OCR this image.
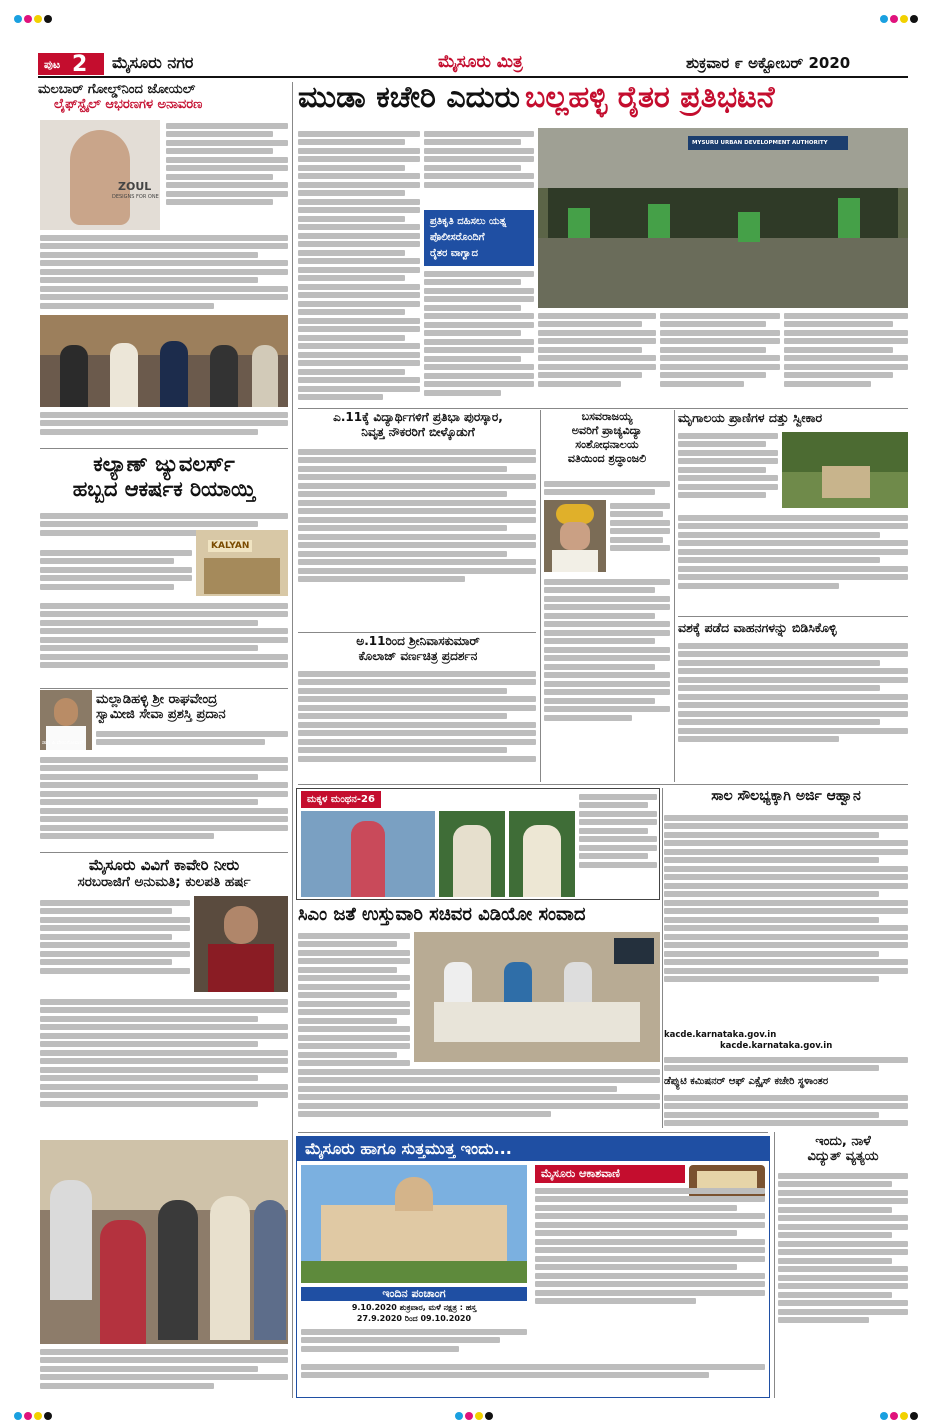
ಪುಟ 2 ಮೈಸೂರು ನಗರ	ಮೈಸೂರು ಮಿತ್ರ	ಶುಕ್ರವಾರ ೯ ಅಕ್ಟೋಬರ್ 2020
ಮಲಬಾರ್ ಗೋಲ್ಡ್‌ನಿಂದ ಜೋಯಲ್
ಲೈಫ್‌ಸ್ಟೈಲ್ ಆಭರಣಗಳ ಅನಾವರಣ
ZOUL
DESIGNS FOR ONE
ಕಲ್ಯಾಣ್ ಜ್ಯುವಲರ್ಸ್
ಹಬ್ಬದ ಆಕರ್ಷಕ ರಿಯಾಯ್ತಿ
KALYAN
ಮಲ್ಲಾಡಿಹಳ್ಳಿ ಶ್ರೀ ರಾಘವೇಂದ್ರ
ಸ್ವಾಮೀಜಿ ಸೇವಾ ಪ್ರಶಸ್ತಿ ಪ್ರದಾನ
ಡಾ|| ಪಿ.ವೇಣುಗೋಪಾಲ್
ಮೈಸೂರು ವಿವಿಗೆ ಕಾವೇರಿ ನೀರು
ಸರಬರಾಜಿಗೆ ಅನುಮತಿ; ಕುಲಪತಿ ಹರ್ಷ
ಮುಡಾ ಕಚೇರಿ ಎದುರು ಬಲ್ಲಹಳ್ಳಿ ರೈತರ ಪ್ರತಿಭಟನೆ
ಪ್ರತಿಕೃತಿ ದಹಿಸಲು ಯತ್ನ
ಪೊಲೀಸರೊಂದಿಗೆ
ರೈತರ ವಾಗ್ವಾದ
MYSURU URBAN DEVELOPMENT AUTHORITY
ಎ.11ಕ್ಕೆ ವಿದ್ಯಾರ್ಥಿಗಳಿಗೆ ಪ್ರತಿಭಾ ಪುರಸ್ಕಾರ,
ನಿವೃತ್ತ ನೌಕರರಿಗೆ ಬೀಳ್ಕೊಡುಗೆ
ಅ.11ರಿಂದ ಶ್ರೀನಿವಾಸಕುಮಾರ್
ಕೊಲಾಜ್ ವರ್ಣಚಿತ್ರ ಪ್ರದರ್ಶನ
ಬಸವರಾಜಯ್ಯ
ಅವರಿಗೆ ಪ್ರಾಚ್ಯವಿದ್ಯಾ
ಸಂಶೋಧನಾಲಯ
ವತಿಯಿಂದ ಶ್ರದ್ಧಾಂಜಲಿ
ಮೃಗಾಲಯ ಪ್ರಾಣಿಗಳ ದತ್ತು ಸ್ವೀಕಾರ
ವಶಕ್ಕೆ ಪಡೆದ ವಾಹನಗಳನ್ನು ಬಿಡಿಸಿಕೊಳ್ಳಿ
ಮಕ್ಕಳ ಮಂಥನ-26	ಸಾಲ ಸೌಲಭ್ಯಕ್ಕಾಗಿ ಅರ್ಜಿ ಆಹ್ವಾನ
kacde.karnataka.gov.in
kacde.karnataka.gov.in
ಡೆಪ್ಯುಟಿ ಕಮಿಷನರ್ ಆಫ್ ಎಕ್ಸೈಸ್ ಕಚೇರಿ ಸ್ಥಳಾಂತರ
ಸಿಎಂ ಜತೆ ಉಸ್ತುವಾರಿ ಸಚಿವರ ವಿಡಿಯೋ ಸಂವಾದ
ಮೈಸೂರು ಹಾಗೂ ಸುತ್ತಮುತ್ತ ಇಂದು...
ಇಂದಿನ ಪಂಚಾಂಗ
9.10.2020 ಶುಕ್ರವಾರ, ಮಳೆ ನಕ್ಷತ್ರ : ಹಸ್ತ
27.9.2020 ರಿಂದ 09.10.2020
ಮೈಸೂರು ಆಕಾಶವಾಣಿ
ಇಂದು, ನಾಳೆ
ವಿದ್ಯುತ್ ವ್ಯತ್ಯಯ
